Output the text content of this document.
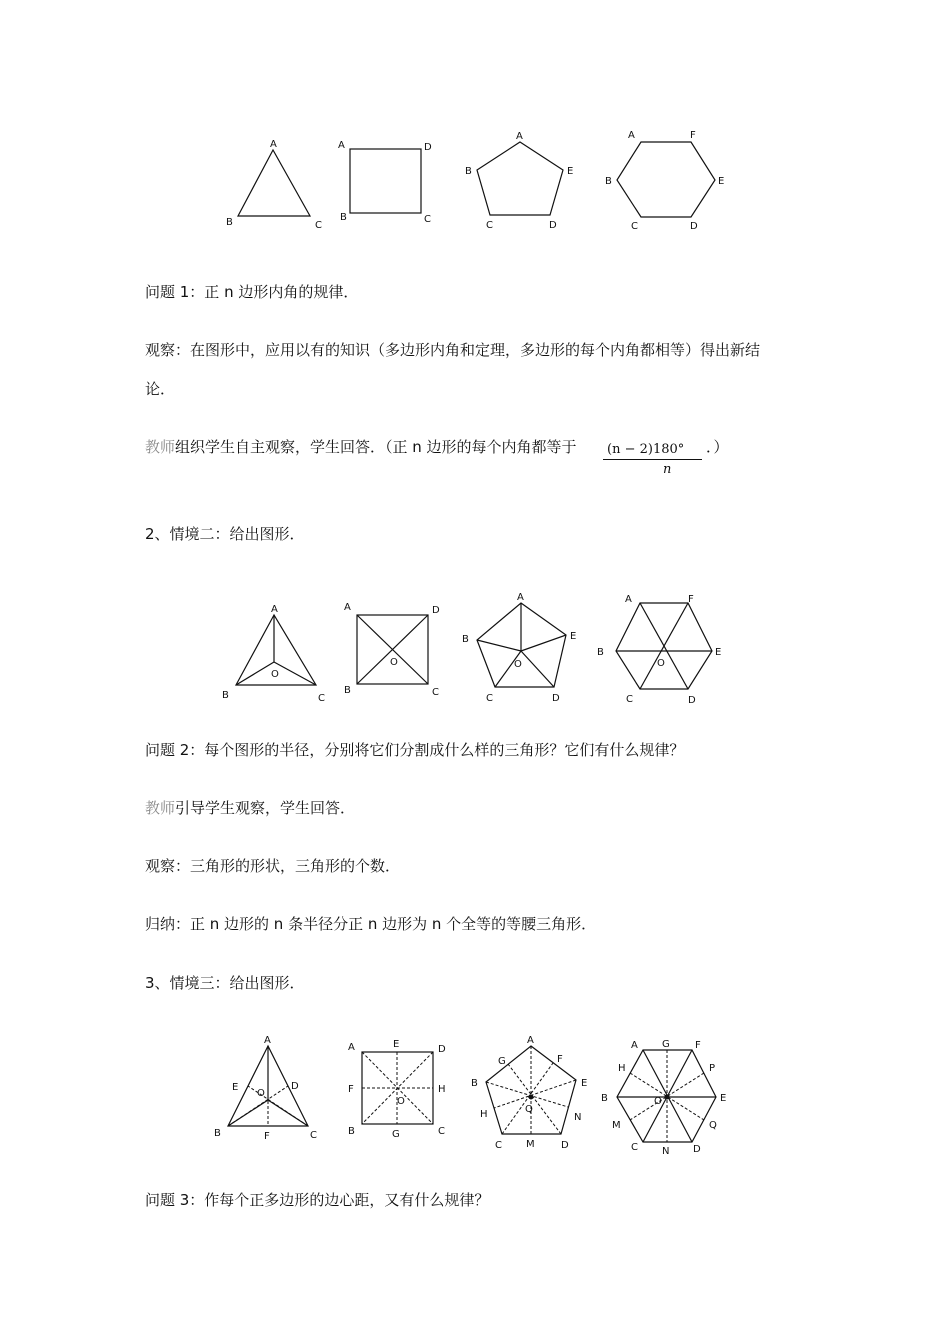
A
B	C
A	D
B	C
A
B	E
C	D
A	F
B	E
C	D
问题 1：正 n 边形内角的规律．
观察：在图形中，应用以有的知识（多边形内角和定理，多边形的每个内角都相等）得出新结
论．
教师组织学生自主观察，学生回答．（正 n 边形的每个内角都等于 (n − 2)180°
n
．）
2、情境二：给出图形．
A
B	C
O
A	D
B	C
O
A
B	E
C	D
O
A	F
B	E
C	D
O
问题 2：每个图形的半径，分别将它们分割成什么样的三角形？它们有什么规律？
教师引导学生观察，学生回答．
观察：三角形的形状，三角形的个数．
归纳：正 n 边形的 n 条半径分正 n 边形为 n 个全等的等腰三角形．
3、情境三：给出图形．
A
E	D
O
B	F	C
A	E	D
F	H
O
B	G	C
A
G	F
B	E
H	N
Q
C M	D
A G	F
H	P
B	E
O
M	Q
C N D
问题 3：作每个正多边形的边心距，又有什么规律？
